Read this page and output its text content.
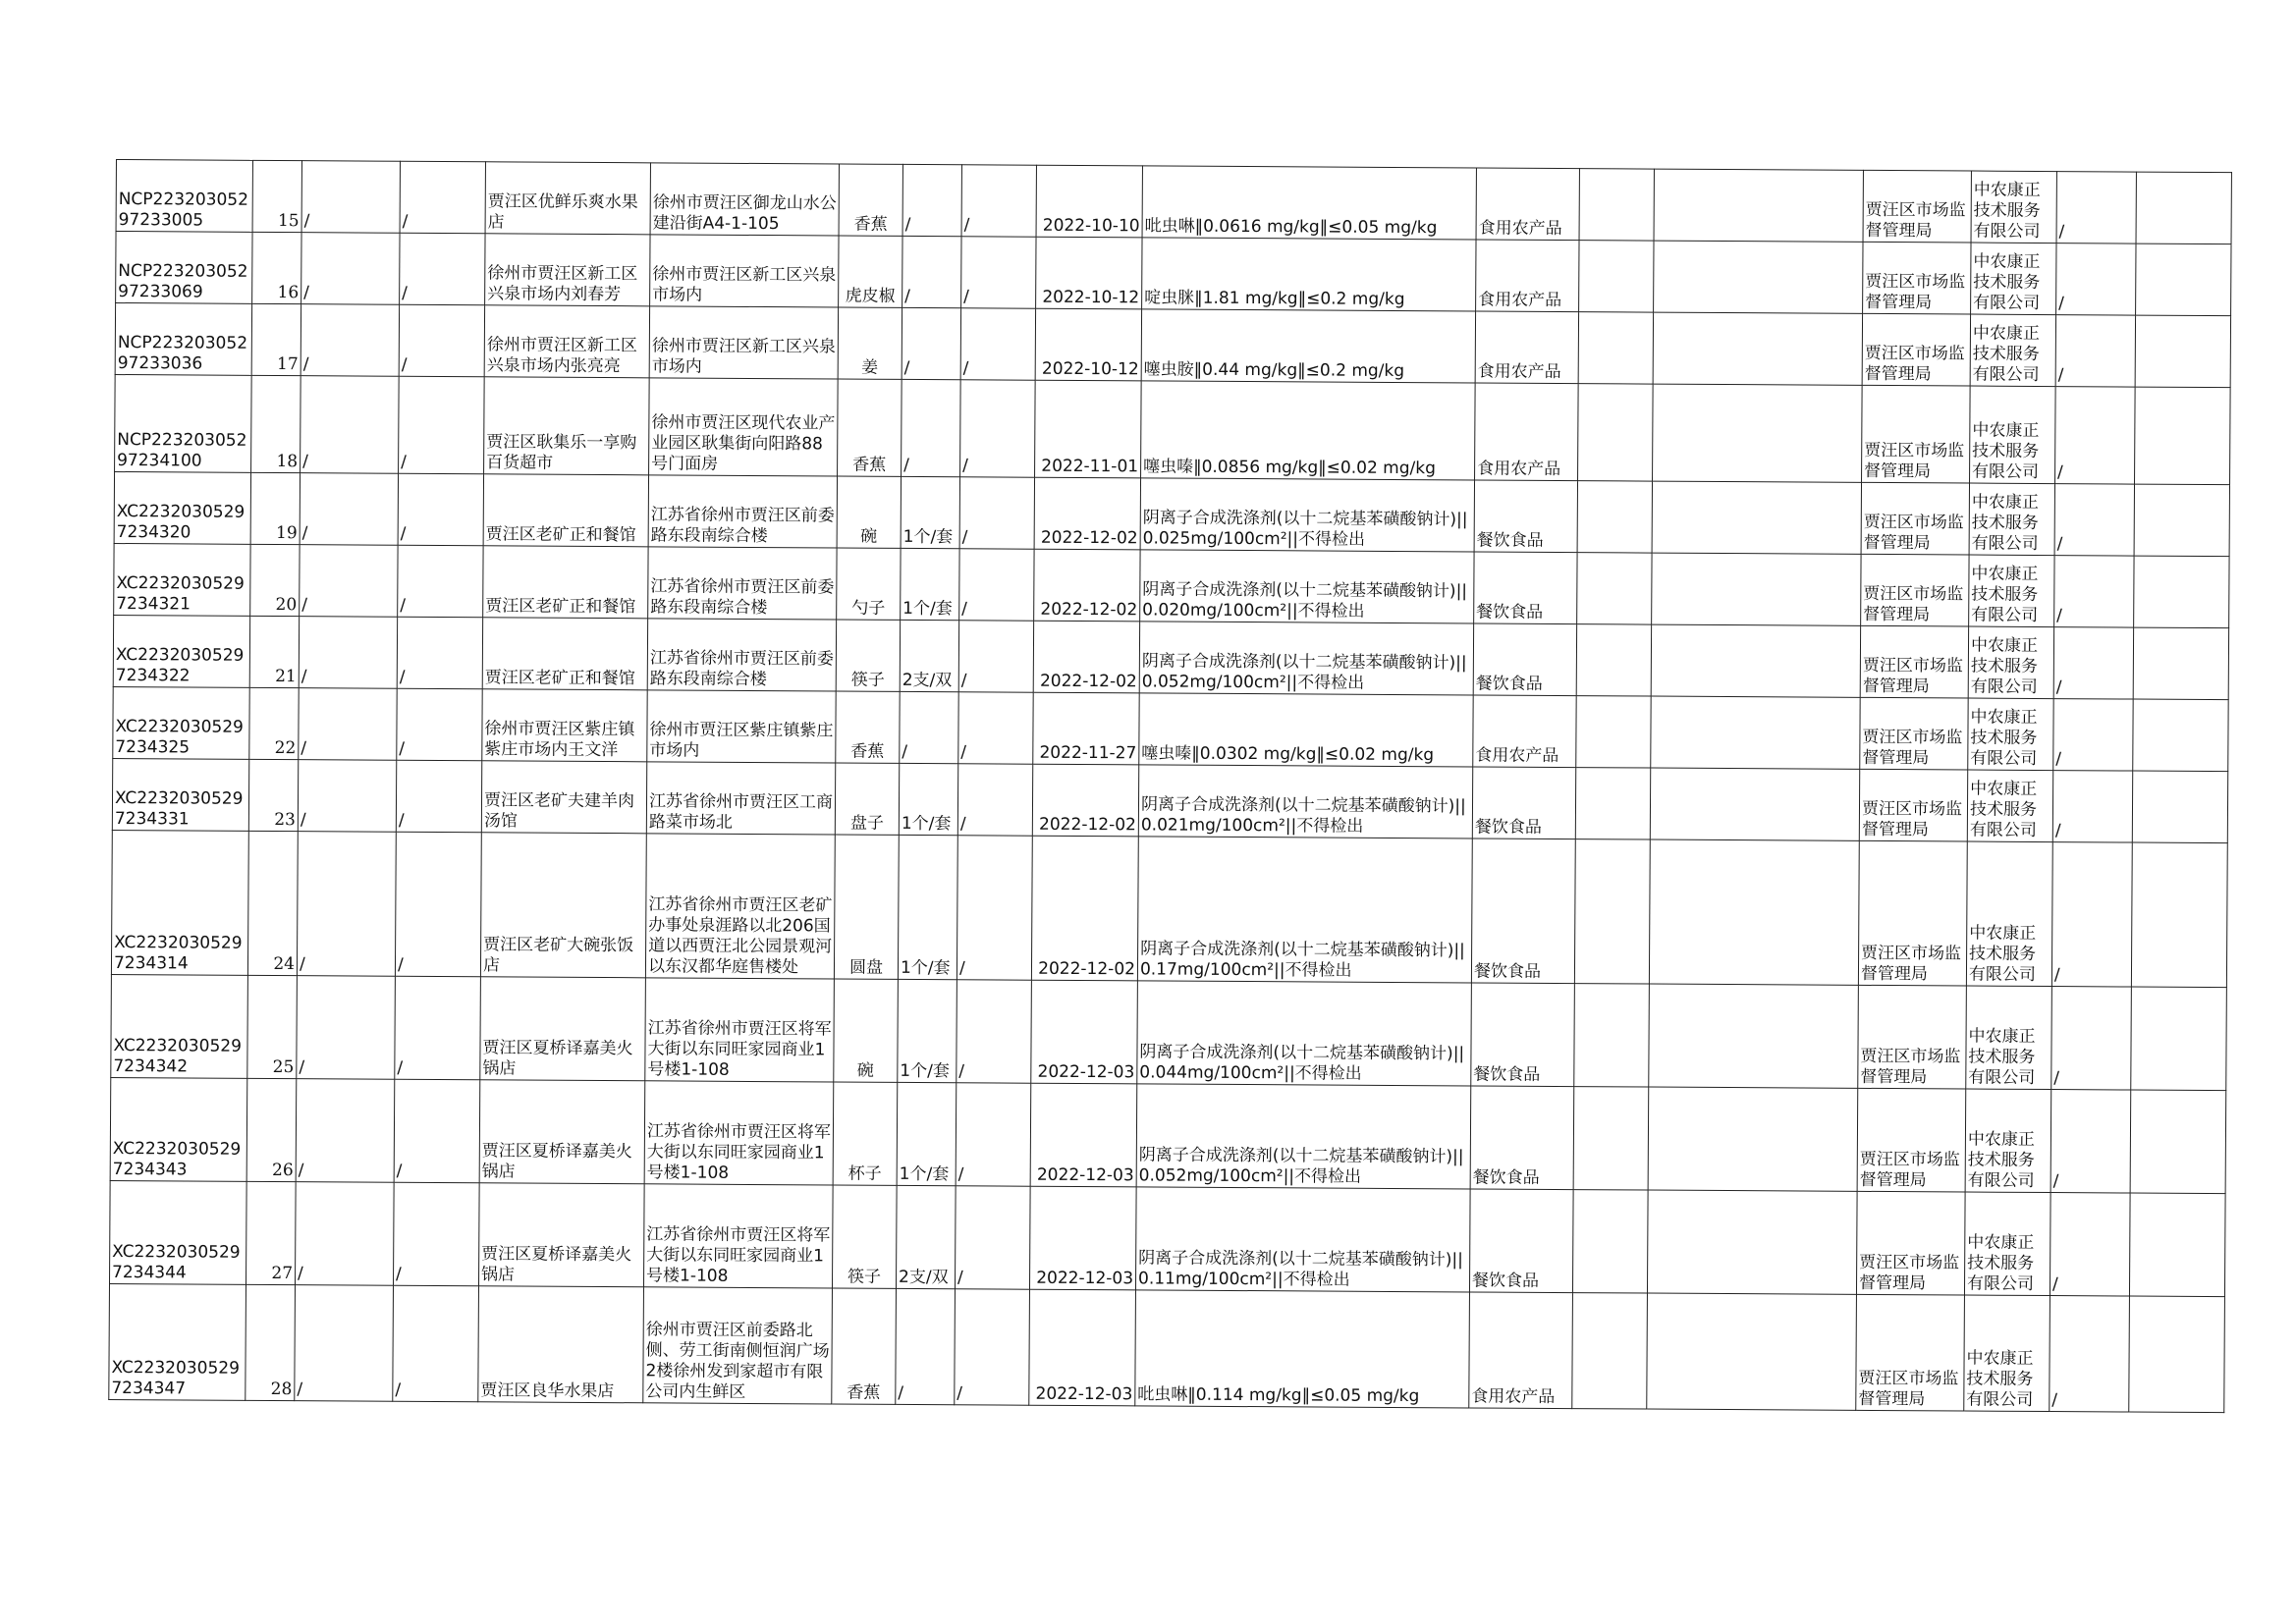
NCP22320305297233005	15	/	/	贾汪区优鲜乐爽水果店	徐州市贾汪区御龙山水公建沿街A4-1-105	香蕉	/	/	2022-10-10	吡虫啉‖0.0616 mg/kg‖≤0.05 mg/kg	食用农产品			贾汪区市场监督管理局	中农康正技术服务有限公司	/	
NCP22320305297233069	16	/	/	徐州市贾汪区新工区兴泉市场内刘春芳	徐州市贾汪区新工区兴泉市场内	虎皮椒	/	/	2022-10-12	啶虫脒‖1.81 mg/kg‖≤0.2 mg/kg	食用农产品			贾汪区市场监督管理局	中农康正技术服务有限公司	/	
NCP22320305297233036	17	/	/	徐州市贾汪区新工区兴泉市场内张亮亮	徐州市贾汪区新工区兴泉市场内	姜	/	/	2022-10-12	噻虫胺‖0.44 mg/kg‖≤0.2 mg/kg	食用农产品			贾汪区市场监督管理局	中农康正技术服务有限公司	/	
NCP22320305297234100	18	/	/	贾汪区耿集乐一享购百货超市	徐州市贾汪区现代农业产业园区耿集街向阳路88号门面房	香蕉	/	/	2022-11-01	噻虫嗪‖0.0856 mg/kg‖≤0.02 mg/kg	食用农产品			贾汪区市场监督管理局	中农康正技术服务有限公司	/	
XC22320305297234320	19	/	/	贾汪区老矿正和餐馆	江苏省徐州市贾汪区前委路东段南综合楼	碗	1个/套	/	2022-12-02	阴离子合成洗涤剂(以十二烷基苯磺酸钠计)||0.025mg/100cm²||不得检出	餐饮食品			贾汪区市场监督管理局	中农康正技术服务有限公司	/	
XC22320305297234321	20	/	/	贾汪区老矿正和餐馆	江苏省徐州市贾汪区前委路东段南综合楼	勺子	1个/套	/	2022-12-02	阴离子合成洗涤剂(以十二烷基苯磺酸钠计)||0.020mg/100cm²||不得检出	餐饮食品			贾汪区市场监督管理局	中农康正技术服务有限公司	/	
XC22320305297234322	21	/	/	贾汪区老矿正和餐馆	江苏省徐州市贾汪区前委路东段南综合楼	筷子	2支/双	/	2022-12-02	阴离子合成洗涤剂(以十二烷基苯磺酸钠计)||0.052mg/100cm²||不得检出	餐饮食品			贾汪区市场监督管理局	中农康正技术服务有限公司	/	
XC22320305297234325	22	/	/	徐州市贾汪区紫庄镇紫庄市场内王文洋	徐州市贾汪区紫庄镇紫庄市场内	香蕉	/	/	2022-11-27	噻虫嗪‖0.0302 mg/kg‖≤0.02 mg/kg	食用农产品			贾汪区市场监督管理局	中农康正技术服务有限公司	/	
XC22320305297234331	23	/	/	贾汪区老矿夫建羊肉汤馆	江苏省徐州市贾汪区工商路菜市场北	盘子	1个/套	/	2022-12-02	阴离子合成洗涤剂(以十二烷基苯磺酸钠计)||0.021mg/100cm²||不得检出	餐饮食品			贾汪区市场监督管理局	中农康正技术服务有限公司	/	
XC22320305297234314	24	/	/	贾汪区老矿大碗张饭店	江苏省徐州市贾汪区老矿办事处泉涯路以北206国道以西贾汪北公园景观河以东汉都华庭售楼处	圆盘	1个/套	/	2022-12-02	阴离子合成洗涤剂(以十二烷基苯磺酸钠计)||0.17mg/100cm²||不得检出	餐饮食品			贾汪区市场监督管理局	中农康正技术服务有限公司	/	
XC22320305297234342	25	/	/	贾汪区夏桥译嘉美火锅店	江苏省徐州市贾汪区将军大街以东同旺家园商业1号楼1-108	碗	1个/套	/	2022-12-03	阴离子合成洗涤剂(以十二烷基苯磺酸钠计)||0.044mg/100cm²||不得检出	餐饮食品			贾汪区市场监督管理局	中农康正技术服务有限公司	/	
XC22320305297234343	26	/	/	贾汪区夏桥译嘉美火锅店	江苏省徐州市贾汪区将军大街以东同旺家园商业1号楼1-108	杯子	1个/套	/	2022-12-03	阴离子合成洗涤剂(以十二烷基苯磺酸钠计)||0.052mg/100cm²||不得检出	餐饮食品			贾汪区市场监督管理局	中农康正技术服务有限公司	/	
XC22320305297234344	27	/	/	贾汪区夏桥译嘉美火锅店	江苏省徐州市贾汪区将军大街以东同旺家园商业1号楼1-108	筷子	2支/双	/	2022-12-03	阴离子合成洗涤剂(以十二烷基苯磺酸钠计)||0.11mg/100cm²||不得检出	餐饮食品			贾汪区市场监督管理局	中农康正技术服务有限公司	/	
XC22320305297234347	28	/	/	贾汪区良华水果店	徐州市贾汪区前委路北侧、劳工街南侧恒润广场2楼徐州发到家超市有限公司内生鲜区	香蕉	/	/	2022-12-03	吡虫啉‖0.114 mg/kg‖≤0.05 mg/kg	食用农产品			贾汪区市场监督管理局	中农康正技术服务有限公司	/	
